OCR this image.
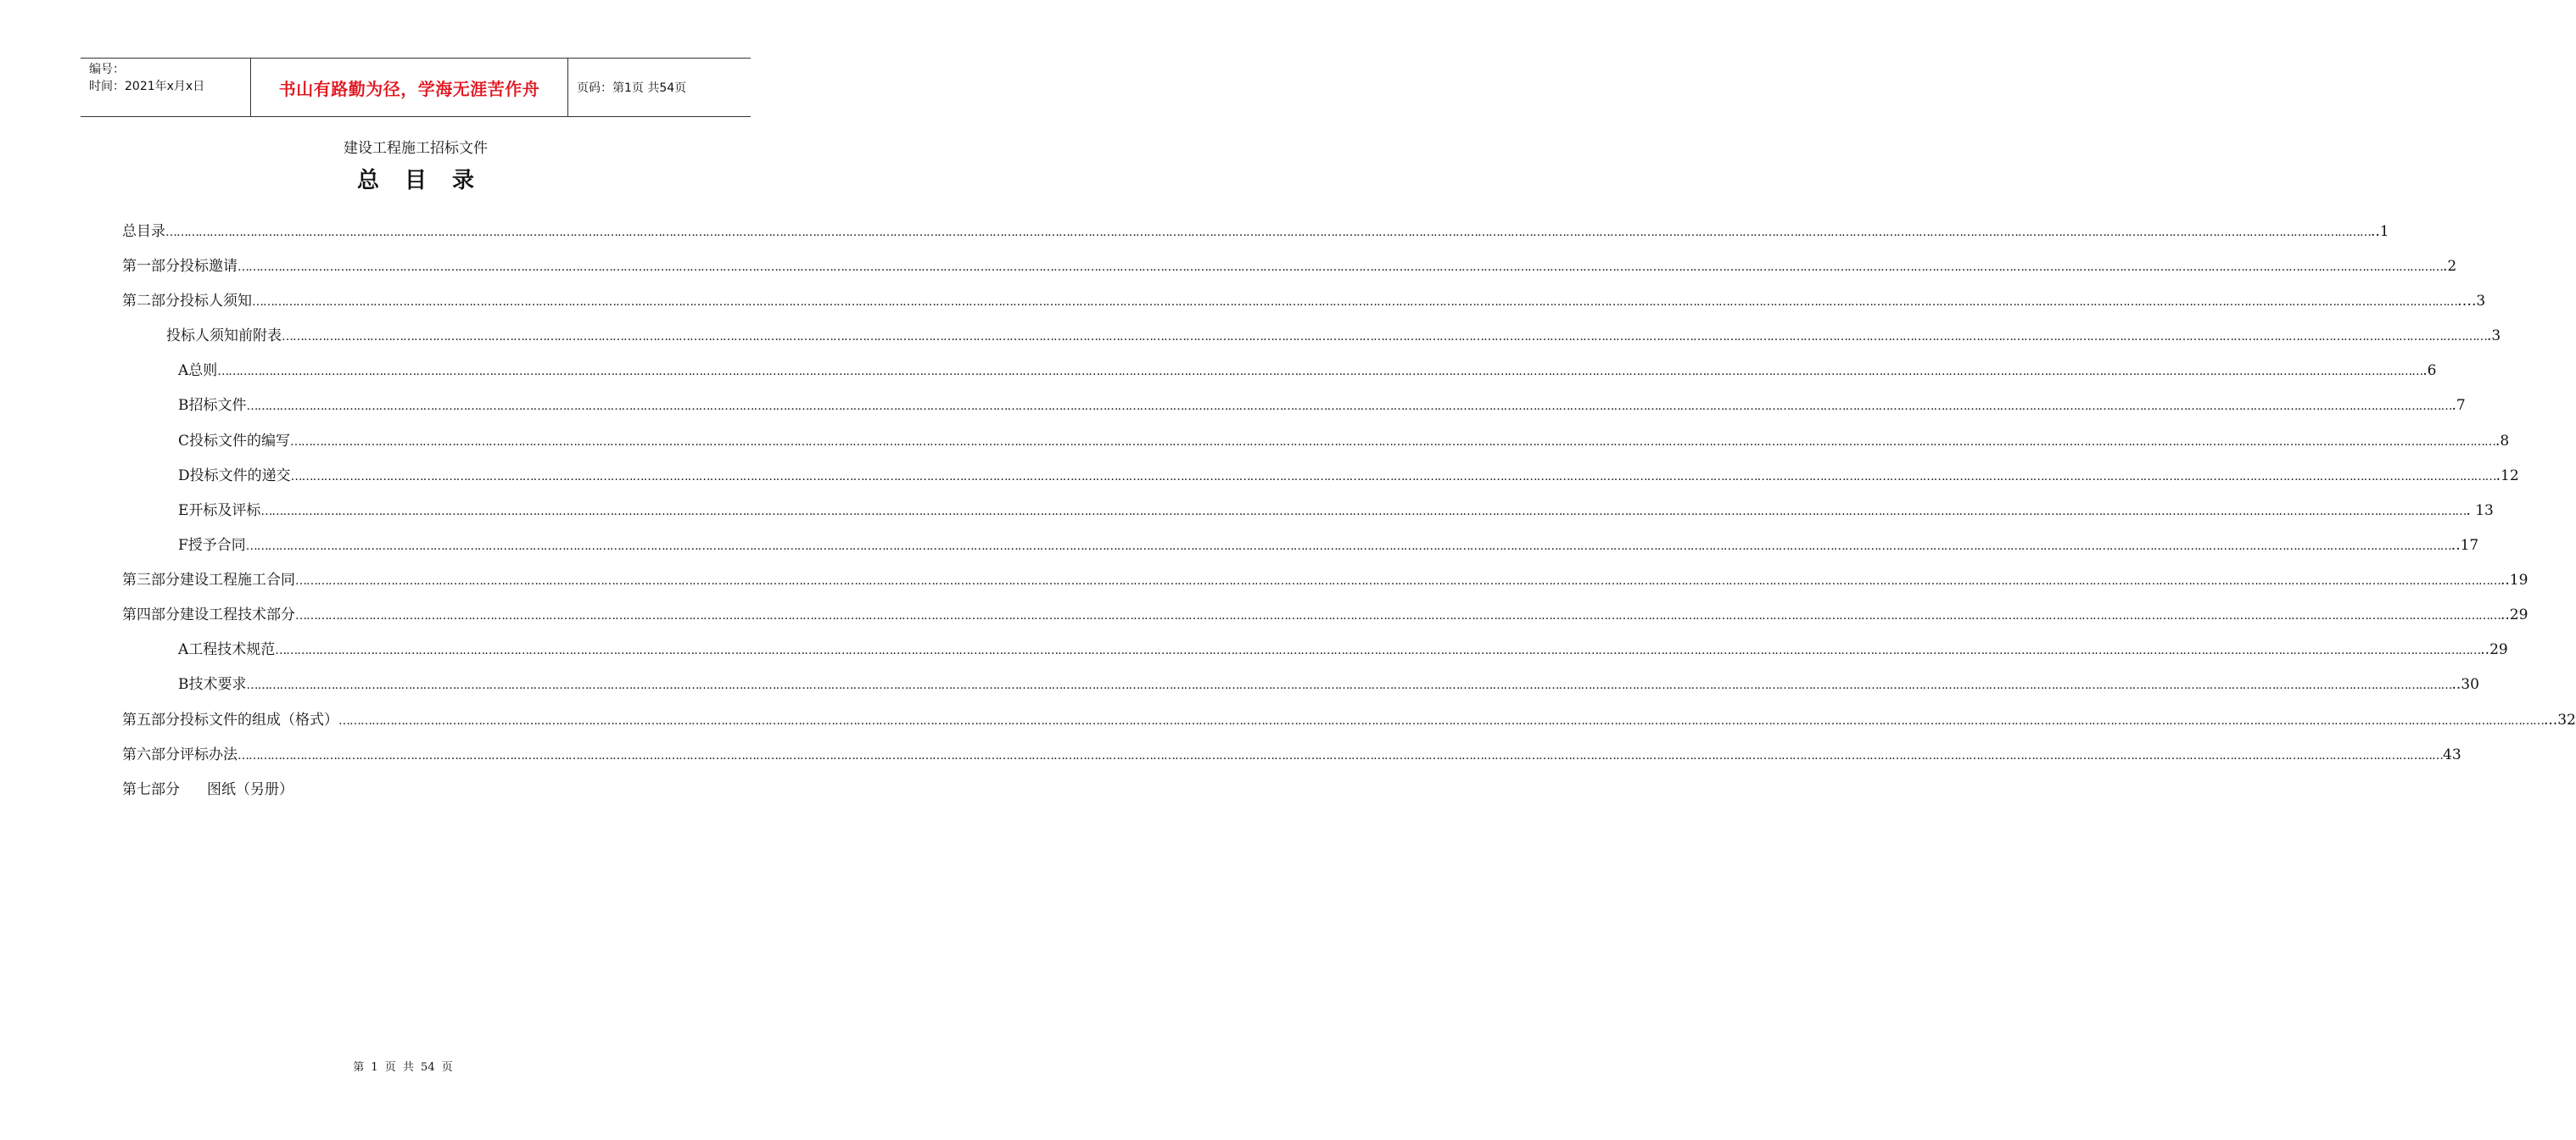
编号：
时间：2021年x月x日	书山有路勤为径，学海无涯苦作舟	页码：第1页 共54页
建设工程施工招标文件
总目录
总目录 …………………………………………………………………………………………………………………………………………………………………………………………………………………………………………………………………………………………………………………………………………………………………………………………………………………………………………………………………………………………………………………………………………………… ..1
第一部分 投标邀请 …………………………………………………………………………………………………………………………………………………………………………………………………………………………………………………………………………………………………………………………………………………………………………………………………………………………………………………………………………………………………………………………………………………… .2
第二部分 投标人须知 …………………………………………………………………………………………………………………………………………………………………………………………………………………………………………………………………………………………………………………………………………………………………………………………………………………………………………………………………………………………………………………………………………………… ….3
投标人须知前附表 …………………………………………………………………………………………………………………………………………………………………………………………………………………………………………………………………………………………………………………………………………………………………………………………………………………………………………………………………………………………………………………………………………………… .3
A 总则 …………………………………………………………………………………………………………………………………………………………………………………………………………………………………………………………………………………………………………………………………………………………………………………………………………………………………………………………………………………………………………………………………………………… .6
B 招标文件 …………………………………………………………………………………………………………………………………………………………………………………………………………………………………………………………………………………………………………………………………………………………………………………………………………………………………………………………………………………………………………………………………………………… .7
C 投标文件的编写 …………………………………………………………………………………………………………………………………………………………………………………………………………………………………………………………………………………………………………………………………………………………………………………………………………………………………………………………………………………………………………………………………………………… .8
D 投标文件的递交 …………………………………………………………………………………………………………………………………………………………………………………………………………………………………………………………………………………………………………………………………………………………………………………………………………………………………………………………………………………………………………………………………………………… .12
E 开标及评标 …………………………………………………………………………………………………………………………………………………………………………………………………………………………………………………………………………………………………………………………………………………………………………………………………………………………………………………………………………………………………………………………………………………… . 13
F 授予合同 …………………………………………………………………………………………………………………………………………………………………………………………………………………………………………………………………………………………………………………………………………………………………………………………………………………………………………………………………………………………………………………………………………………… ..17
第三部分 建设工程施工合同 …………………………………………………………………………………………………………………………………………………………………………………………………………………………………………………………………………………………………………………………………………………………………………………………………………………………………………………………………………………………………………………………………………………… ..19
第四部分 建设工程技术部分 …………………………………………………………………………………………………………………………………………………………………………………………………………………………………………………………………………………………………………………………………………………………………………………………………………………………………………………………………………………………………………………………………………………… ..29
A 工程技术规范 …………………………………………………………………………………………………………………………………………………………………………………………………………………………………………………………………………………………………………………………………………………………………………………………………………………………………………………………………………………………………………………………………………………… ..29
B 技术要求 …………………………………………………………………………………………………………………………………………………………………………………………………………………………………………………………………………………………………………………………………………………………………………………………………………………………………………………………………………………………………………………………………………………… ..30
第五部分 投标文件的组成（格式） …………………………………………………………………………………………………………………………………………………………………………………………………………………………………………………………………………………………………………………………………………………………………………………………………………………………………………………………………………………………………………………………………………………… ...32
第六部分 评标办法 …………………………………………………………………………………………………………………………………………………………………………………………………………………………………………………………………………………………………………………………………………………………………………………………………………………………………………………………………………………………………………………………………………………… 43
第七部分 图纸（另册）
第 1 页 共 54 页
